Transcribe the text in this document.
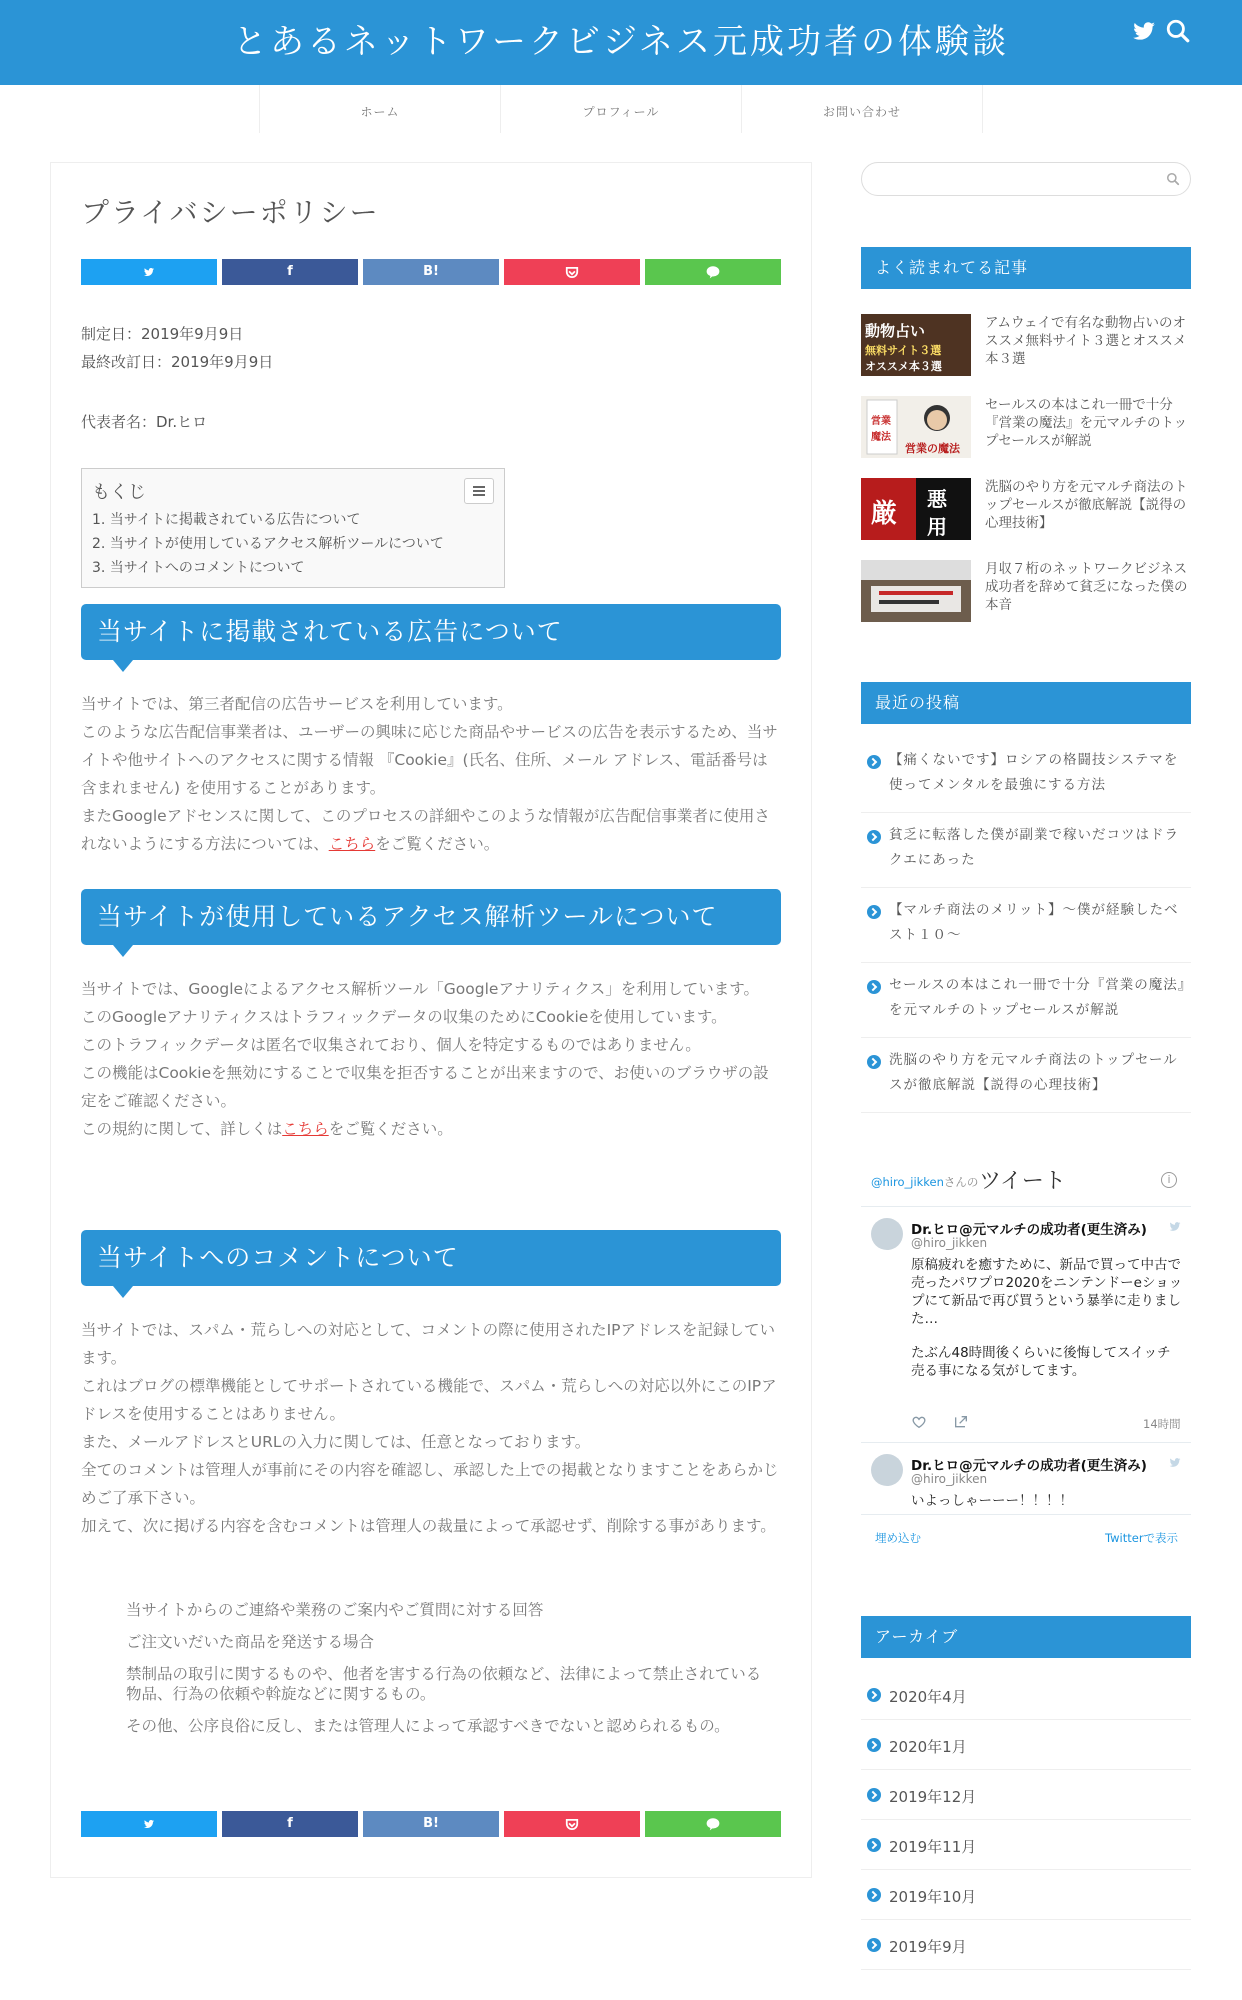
とあるネットワークビジネス元成功者の体験談
ホーム	プロフィール	お問い合わせ
プライバシーポリシー
f	B!
制定日：2019年9月9日
最終改訂日：2019年9月9日
代表者名：Dr.ヒロ
もくじ
1. 当サイトに掲載されている広告について
2. 当サイトが使用しているアクセス解析ツールについて
3. 当サイトへのコメントについて
当サイトに掲載されている広告について

当サイトでは、第三者配信の広告サービスを利用しています。
このような広告配信事業者は、ユーザーの興味に応じた商品やサービスの広告を表示するため、当サイトや他サイトへのアクセスに関する情報 『Cookie』(氏名、住所、メール アドレス、電話番号は含まれません) を使用することがあります。
またGoogleアドセンスに関して、このプロセスの詳細やこのような情報が広告配信事業者に使用されないようにする方法については、こちらをご覧ください。

当サイトが使用しているアクセス解析ツールについて

当サイトでは、Googleによるアクセス解析ツール「Googleアナリティクス」を利用しています。
このGoogleアナリティクスはトラフィックデータの収集のためにCookieを使用しています。
このトラフィックデータは匿名で収集されており、個人を特定するものではありません。
この機能はCookieを無効にすることで収集を拒否することが出来ますので、お使いのブラウザの設定をご確認ください。
この規約に関して、詳しくはこちらをご覧ください。

当サイトへのコメントについて

当サイトでは、スパム・荒らしへの対応として、コメントの際に使用されたIPアドレスを記録しています。
これはブログの標準機能としてサポートされている機能で、スパム・荒らしへの対応以外にこのIPアドレスを使用することはありません。
また、メールアドレスとURLの入力に関しては、任意となっております。
全てのコメントは管理人が事前にその内容を確認し、承認した上での掲載となりますことをあらかじめご了承下さい。
加えて、次に掲げる内容を含むコメントは管理人の裁量によって承認せず、削除する事があります。

当サイトからのご連絡や業務のご案内やご質問に対する回答

ご注文いだいた商品を発送する場合

禁制品の取引に関するものや、他者を害する行為の依頼など、法律によって禁止されている物品、行為の依頼や斡旋などに関するもの。

その他、公序良俗に反し、または管理人によって承認すべきでないと認められるもの。

f	B!
よく読まれてる記事
動物占い
無料サイト３選
オススメ本３選

アムウェイで有名な動物占いのオススメ無料サイト３選とオススメ本３選

営業
魔法
営業の魔法

セールスの本はこれ一冊で十分『営業の魔法』を元マルチのトップセールスが解説

厳 悪
用

洗脳のやり方を元マルチ商法のトップセールスが徹底解説【説得の心理技術】

月収７桁のネットワークビジネス成功者を辞めて貧乏になった僕の本音

最近の投稿

【痛くないです】ロシアの格闘技システマを使ってメンタルを最強にする方法

貧乏に転落した僕が副業で稼いだコツはドラクエにあった

【マルチ商法のメリット】～僕が経験したベスト１０～

セールスの本はこれ一冊で十分『営業の魔法』を元マルチのトップセールスが解説

洗脳のやり方を元マルチ商法のトップセールスが徹底解説【説得の心理技術】

@hiro_jikkenさんの ツイート	i
Dr.ヒロ@元マルチの成功者(更生済み)
@hiro_jikken

原稿疲れを癒すために、新品で買って中古で売ったパワプロ2020をニンテンドーeショップにて新品で再び買うという暴挙に走りました…

たぶん48時間後くらいに後悔してスイッチ売る事になる気がしてます。

14時間
Dr.ヒロ@元マルチの成功者(更生済み)
@hiro_jikken

いよっしゃーーー！！！！

埋め込む	Twitterで表示
アーカイブ
2020年4月
2020年1月
2019年12月
2019年11月
2019年10月
2019年9月
